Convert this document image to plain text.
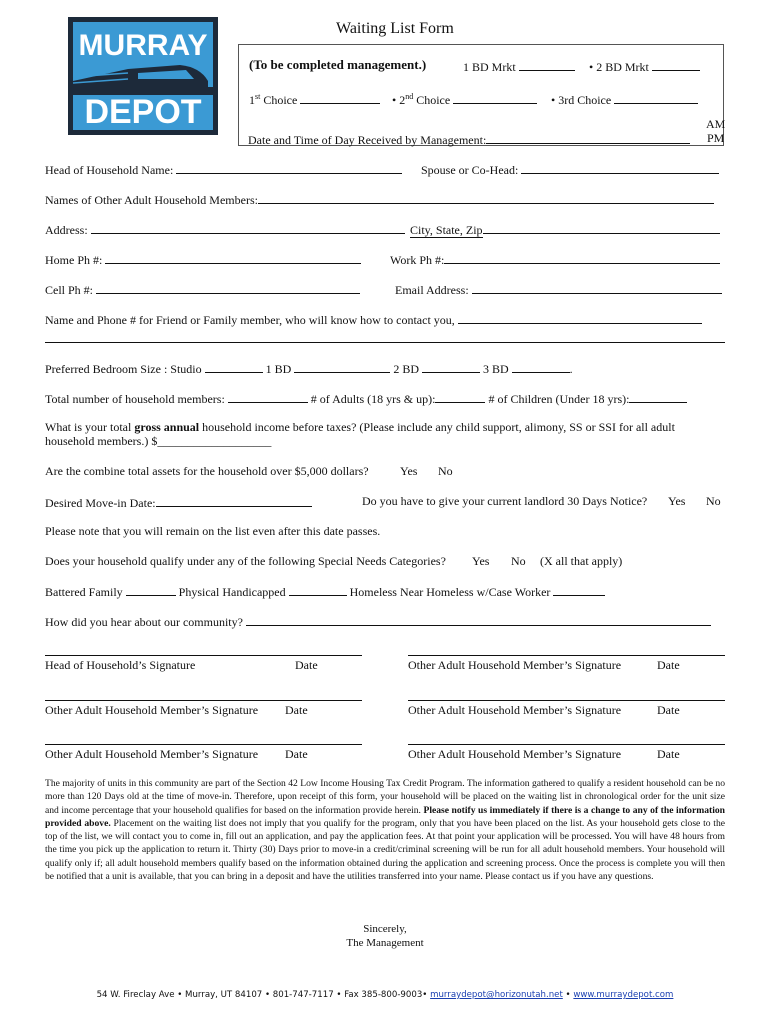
MURRAY
DEPOT
Waiting List Form
(To be completed management.)	1 BD Mrkt	• 2 BD Mrkt
1st Choice	• 2nd Choice	• 3rd Choice
AM
PM
Date and Time of Day Received by Management:
Head of Household Name:	Spouse or Co-Head:
Names of Other Adult Household Members:
Address:	City, State, Zip
Home Ph #:	Work Ph #:
Cell Ph #:	Email Address:
Name and Phone # for Friend or Family member, who will know how to contact you,
Preferred Bedroom Size : Studio	1 BD	2 BD	3 BD	.
Total number of household members:	# of Adults (18 yrs & up):	# of Children (Under 18 yrs):
What is your total gross annual household income before taxes? (Please include any child support, alimony, SS or SSI for all adult
household members.) $___________________
Are the combine total assets for the household over $5,000 dollars?	Yes No
Desired Move-in Date:	Do you have to give your current landlord 30 Days Notice? Yes No
Please note that you will remain on the list even after this date passes.
Does your household qualify under any of the following Special Needs Categories? Yes No (X all that apply)
Battered Family	Physical Handicapped	Homeless Near Homeless w/Case Worker
How did you hear about our community?
Head of Household’s Signature	Date	Other Adult Household Member’s Signature	Date
Other Adult Household Member’s Signature Date	Other Adult Household Member’s Signature	Date
Other Adult Household Member’s Signature Date	Other Adult Household Member’s Signature	Date
The majority of units in this community are part of the Section 42 Low Income Housing Tax Credit Program. The information gathered to qualify a resident household can be no more than 120 Days old at the time of move-in. Therefore, upon receipt of this form, your household will be placed on the waiting list in chronological order for the unit size and income percentage that your household qualifies for based on the information provide herein. Please notify us immediately if there is a change to any of the information provided above. Placement on the waiting list does not imply that you qualify for the program, only that you have been placed on the list. As your household gets close to the top of the list, we will contact you to come in, fill out an application, and pay the application fees. At that point your application will be processed. You will have 48 hours from the time you pick up the application to return it. Thirty (30) Days prior to move-in a credit/criminal screening will be run for all adult household members. Your household will qualify only if; all adult household members qualify based on the information obtained during the application and screening process. Once the process is complete you will then be notified that a unit is available, that you can bring in a deposit and have the utilities transferred into your name. Please contact us if you have any questions.
Sincerely,
The Management
54 W. Fireclay Ave • Murray, UT 84107 • 801-747-7117 • Fax 385-800-9003• murraydepot@horizonutah.net • www.murraydepot.com
